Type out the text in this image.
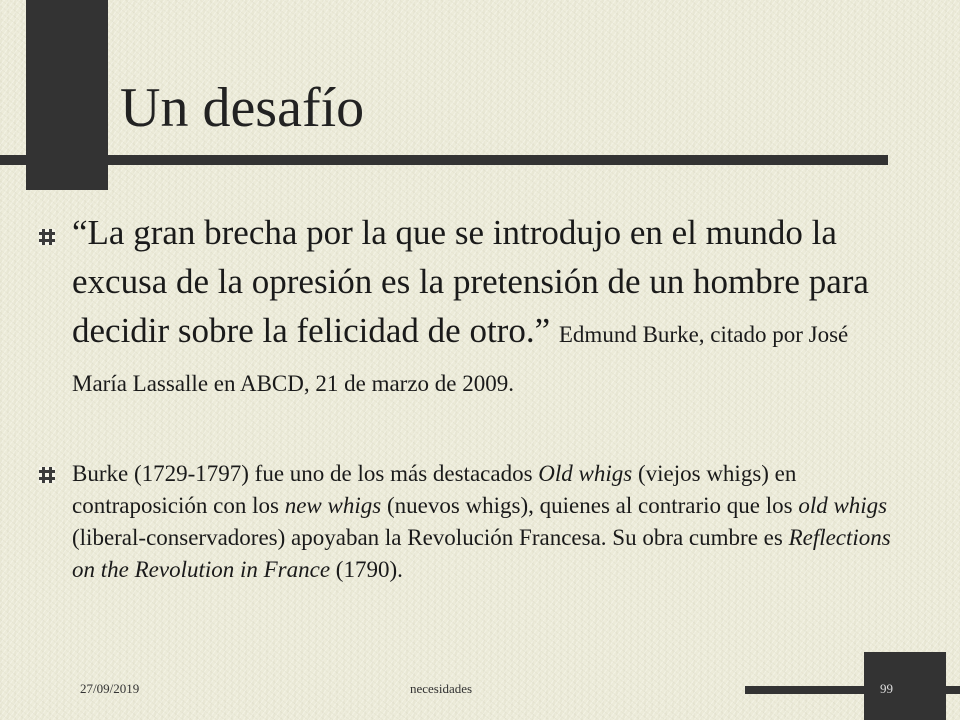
Un desafío

“La gran brecha por la que se introdujo en el mundo la excusa de la opresión es la pretensión de un hombre para decidir sobre la felicidad de otro.” Edmund Burke, citado por José María Lassalle en ABCD, 21 de marzo de 2009.

Burke (1729-1797) fue uno de los más destacados Old whigs (viejos whigs) en contraposición con los new whigs (nuevos whigs), quienes al contrario que los old whigs (liberal-conservadores) apoyaban la Revolución Francesa. Su obra cumbre es Reflections on the Revolution in France (1790).

27/09/2019	necesidades	99
